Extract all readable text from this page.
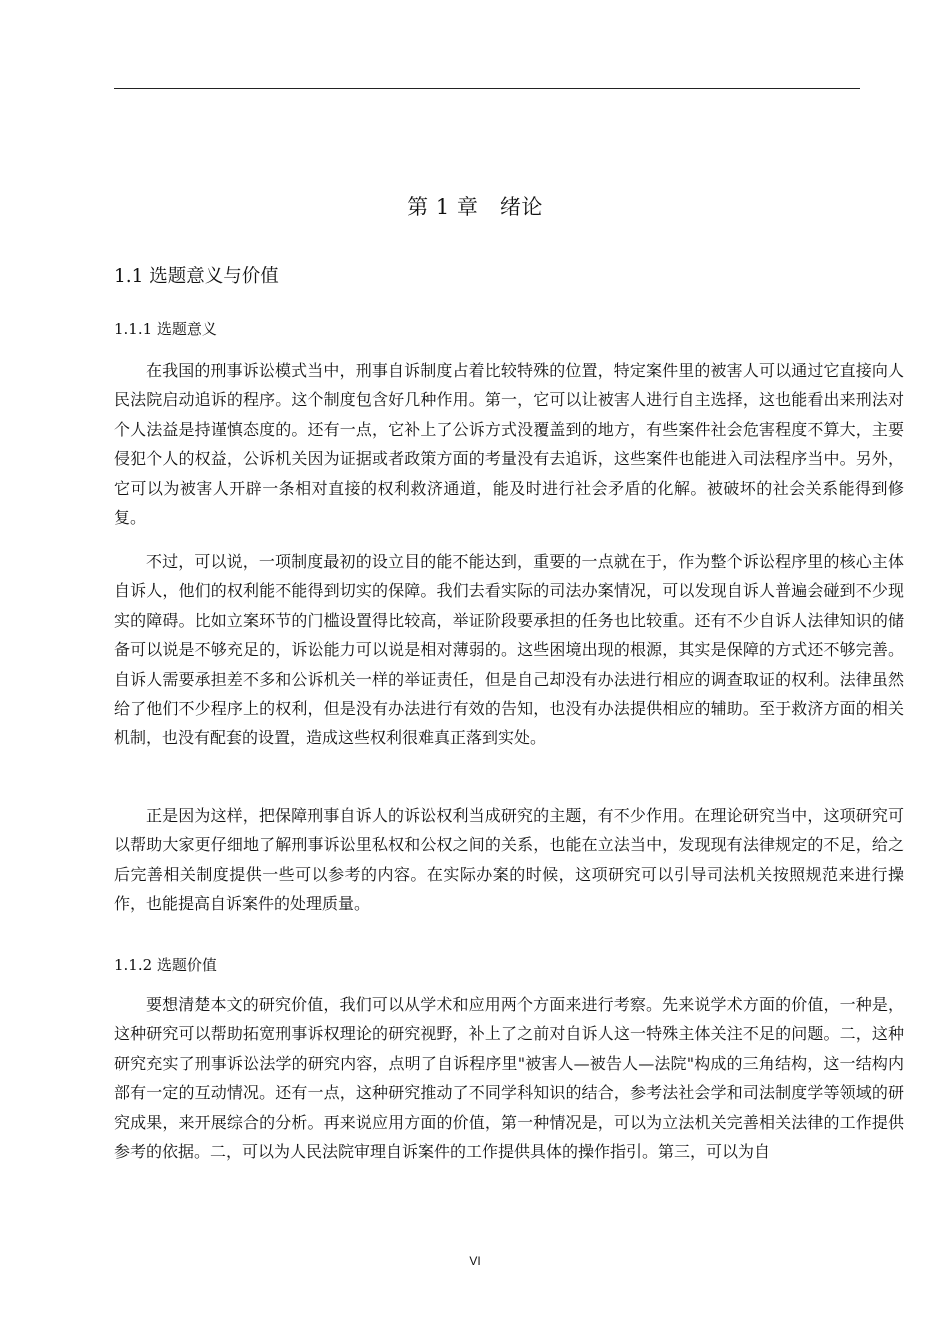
第 1 章　绪论
1.1 选题意义与价值
1.1.1 选题意义

在我国的刑事诉讼模式当中，刑事自诉制度占着比较特殊的位置，特定案件里的被害人可以通过它直接向人民法院启动追诉的程序。这个制度包含好几种作用。第一，它可以让被害人进行自主选择，这也能看出来刑法对个人法益是持谨慎态度的。还有一点，它补上了公诉方式没覆盖到的地方，有些案件社会危害程度不算大，主要侵犯个人的权益，公诉机关因为证据或者政策方面的考量没有去追诉，这些案件也能进入司法程序当中。另外，它可以为被害人开辟一条相对直接的权利救济通道，能及时进行社会矛盾的化解。被破坏的社会关系能得到修复。

不过，可以说，一项制度最初的设立目的能不能达到，重要的一点就在于，作为整个诉讼程序里的核心主体自诉人，他们的权利能不能得到切实的保障。我们去看实际的司法办案情况，可以发现自诉人普遍会碰到不少现实的障碍。比如立案环节的门槛设置得比较高，举证阶段要承担的任务也比较重。还有不少自诉人法律知识的储备可以说是不够充足的，诉讼能力可以说是相对薄弱的。这些困境出现的根源，其实是保障的方式还不够完善。自诉人需要承担差不多和公诉机关一样的举证责任，但是自己却没有办法进行相应的调查取证的权利。法律虽然给了他们不少程序上的权利，但是没有办法进行有效的告知，也没有办法提供相应的辅助。至于救济方面的相关机制，也没有配套的设置，造成这些权利很难真正落到实处。

正是因为这样，把保障刑事自诉人的诉讼权利当成研究的主题，有不少作用。在理论研究当中，这项研究可以帮助大家更仔细地了解刑事诉讼里私权和公权之间的关系，也能在立法当中，发现现有法律规定的不足，给之后完善相关制度提供一些可以参考的内容。在实际办案的时候，这项研究可以引导司法机关按照规范来进行操作，也能提高自诉案件的处理质量。

1.1.2 选题价值

要想清楚本文的研究价值，我们可以从学术和应用两个方面来进行考察。先来说学术方面的价值，一种是，这种研究可以帮助拓宽刑事诉权理论的研究视野，补上了之前对自诉人这一特殊主体关注不足的问题。二，这种研究充实了刑事诉讼法学的研究内容，点明了自诉程序里"被害人—被告人—法院"构成的三角结构，这一结构内部有一定的互动情况。还有一点，这种研究推动了不同学科知识的结合，参考法社会学和司法制度学等领域的研究成果，来开展综合的分析。再来说应用方面的价值，第一种情况是，可以为立法机关完善相关法律的工作提供参考的依据。二，可以为人民法院审理自诉案件的工作提供具体的操作指引。第三，可以为自

VI
